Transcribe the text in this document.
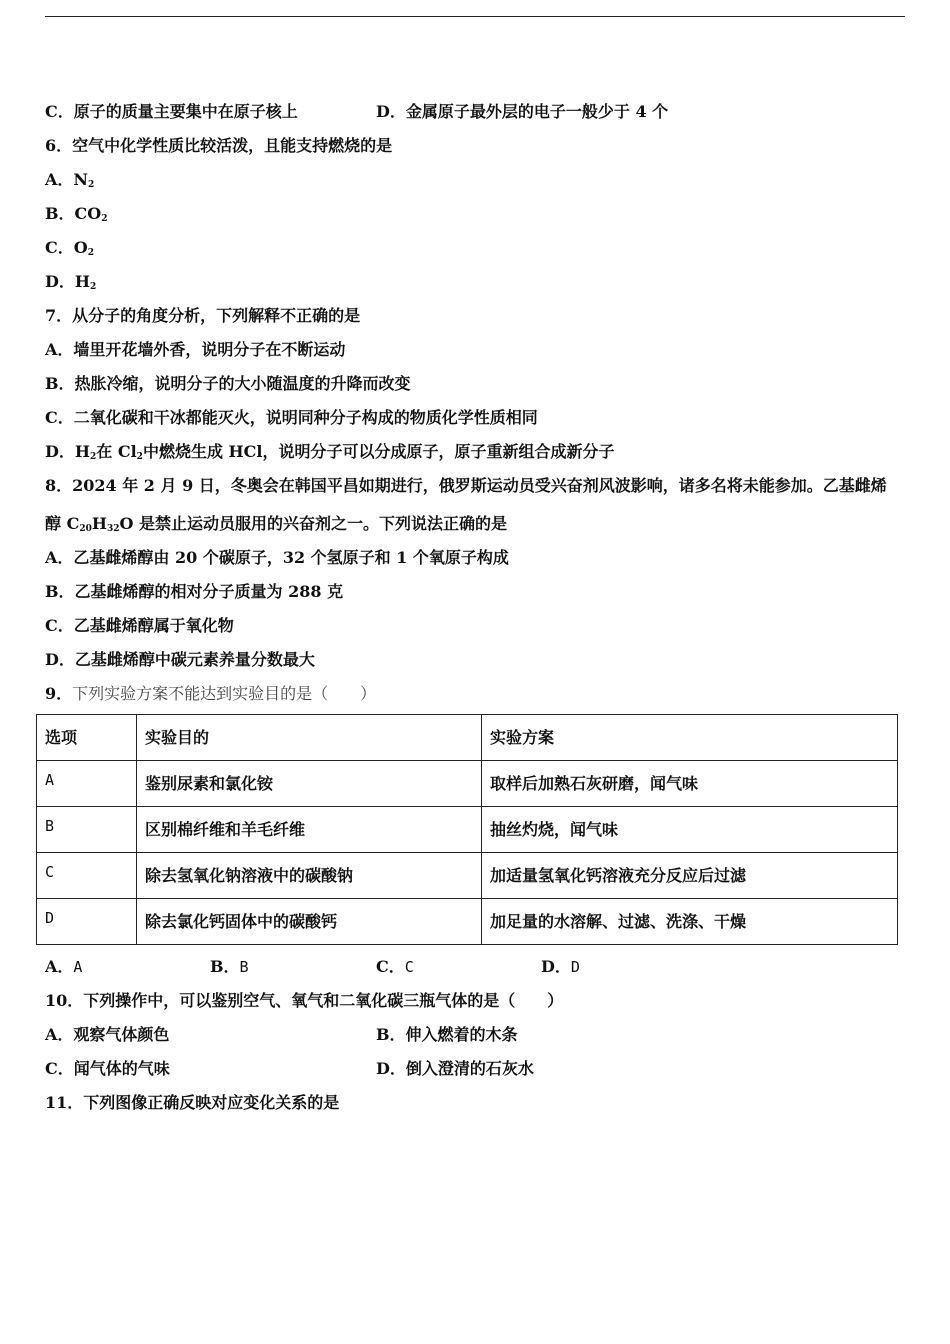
C．原子的质量主要集中在原子核上	D．金属原子最外层的电子一般少于 4 个
6．空气中化学性质比较活泼，且能支持燃烧的是
A．$N_2$
B．$CO_2$
C．$O_2$
D．$H_2$
7．从分子的角度分析，下列解释不正确的是
A．墙里开花墙外香，说明分子在不断运动
B．热胀冷缩，说明分子的大小随温度的升降而改变
C．二氧化碳和干冰都能灭火，说明同种分子构成的物质化学性质相同
D．$H_2$在 $Cl_2$中燃烧生成 HCl，说明分子可以分成原子，原子重新组合成新分子
8．2024 年 2 月 9 日，冬奥会在韩国平昌如期进行，俄罗斯运动员受兴奋剂风波影响，诸多名将未能参加。乙基雌烯
醇 $C_{20}H_{32}O$ 是禁止运动员服用的兴奋剂之一。下列说法正确的是
A．乙基雌烯醇由 20 个碳原子，32 个氢原子和 1 个氧原子构成
B．乙基雌烯醇的相对分子质量为 288 克
C．乙基雌烯醇属于氧化物
D．乙基雌烯醇中碳元素养量分数最大
9．下列实验方案不能达到实验目的是（　　）
选项	实验目的	实验方案
A	鉴别尿素和氯化铵	取样后加熟石灰研磨，闻气味
B	区别棉纤维和羊毛纤维	抽丝灼烧，闻气味
C	除去氢氧化钠溶液中的碳酸钠	加适量氢氧化钙溶液充分反应后过滤
D	除去氯化钙固体中的碳酸钙	加足量的水溶解、过滤、洗涤、干燥
A．A	B．B	C．C	D．D
10．下列操作中，可以鉴别空气、氧气和二氧化碳三瓶气体的是（　　）
A．观察气体颜色	B．伸入燃着的木条
C．闻气体的气味	D．倒入澄清的石灰水
11．下列图像正确反映对应变化关系的是
